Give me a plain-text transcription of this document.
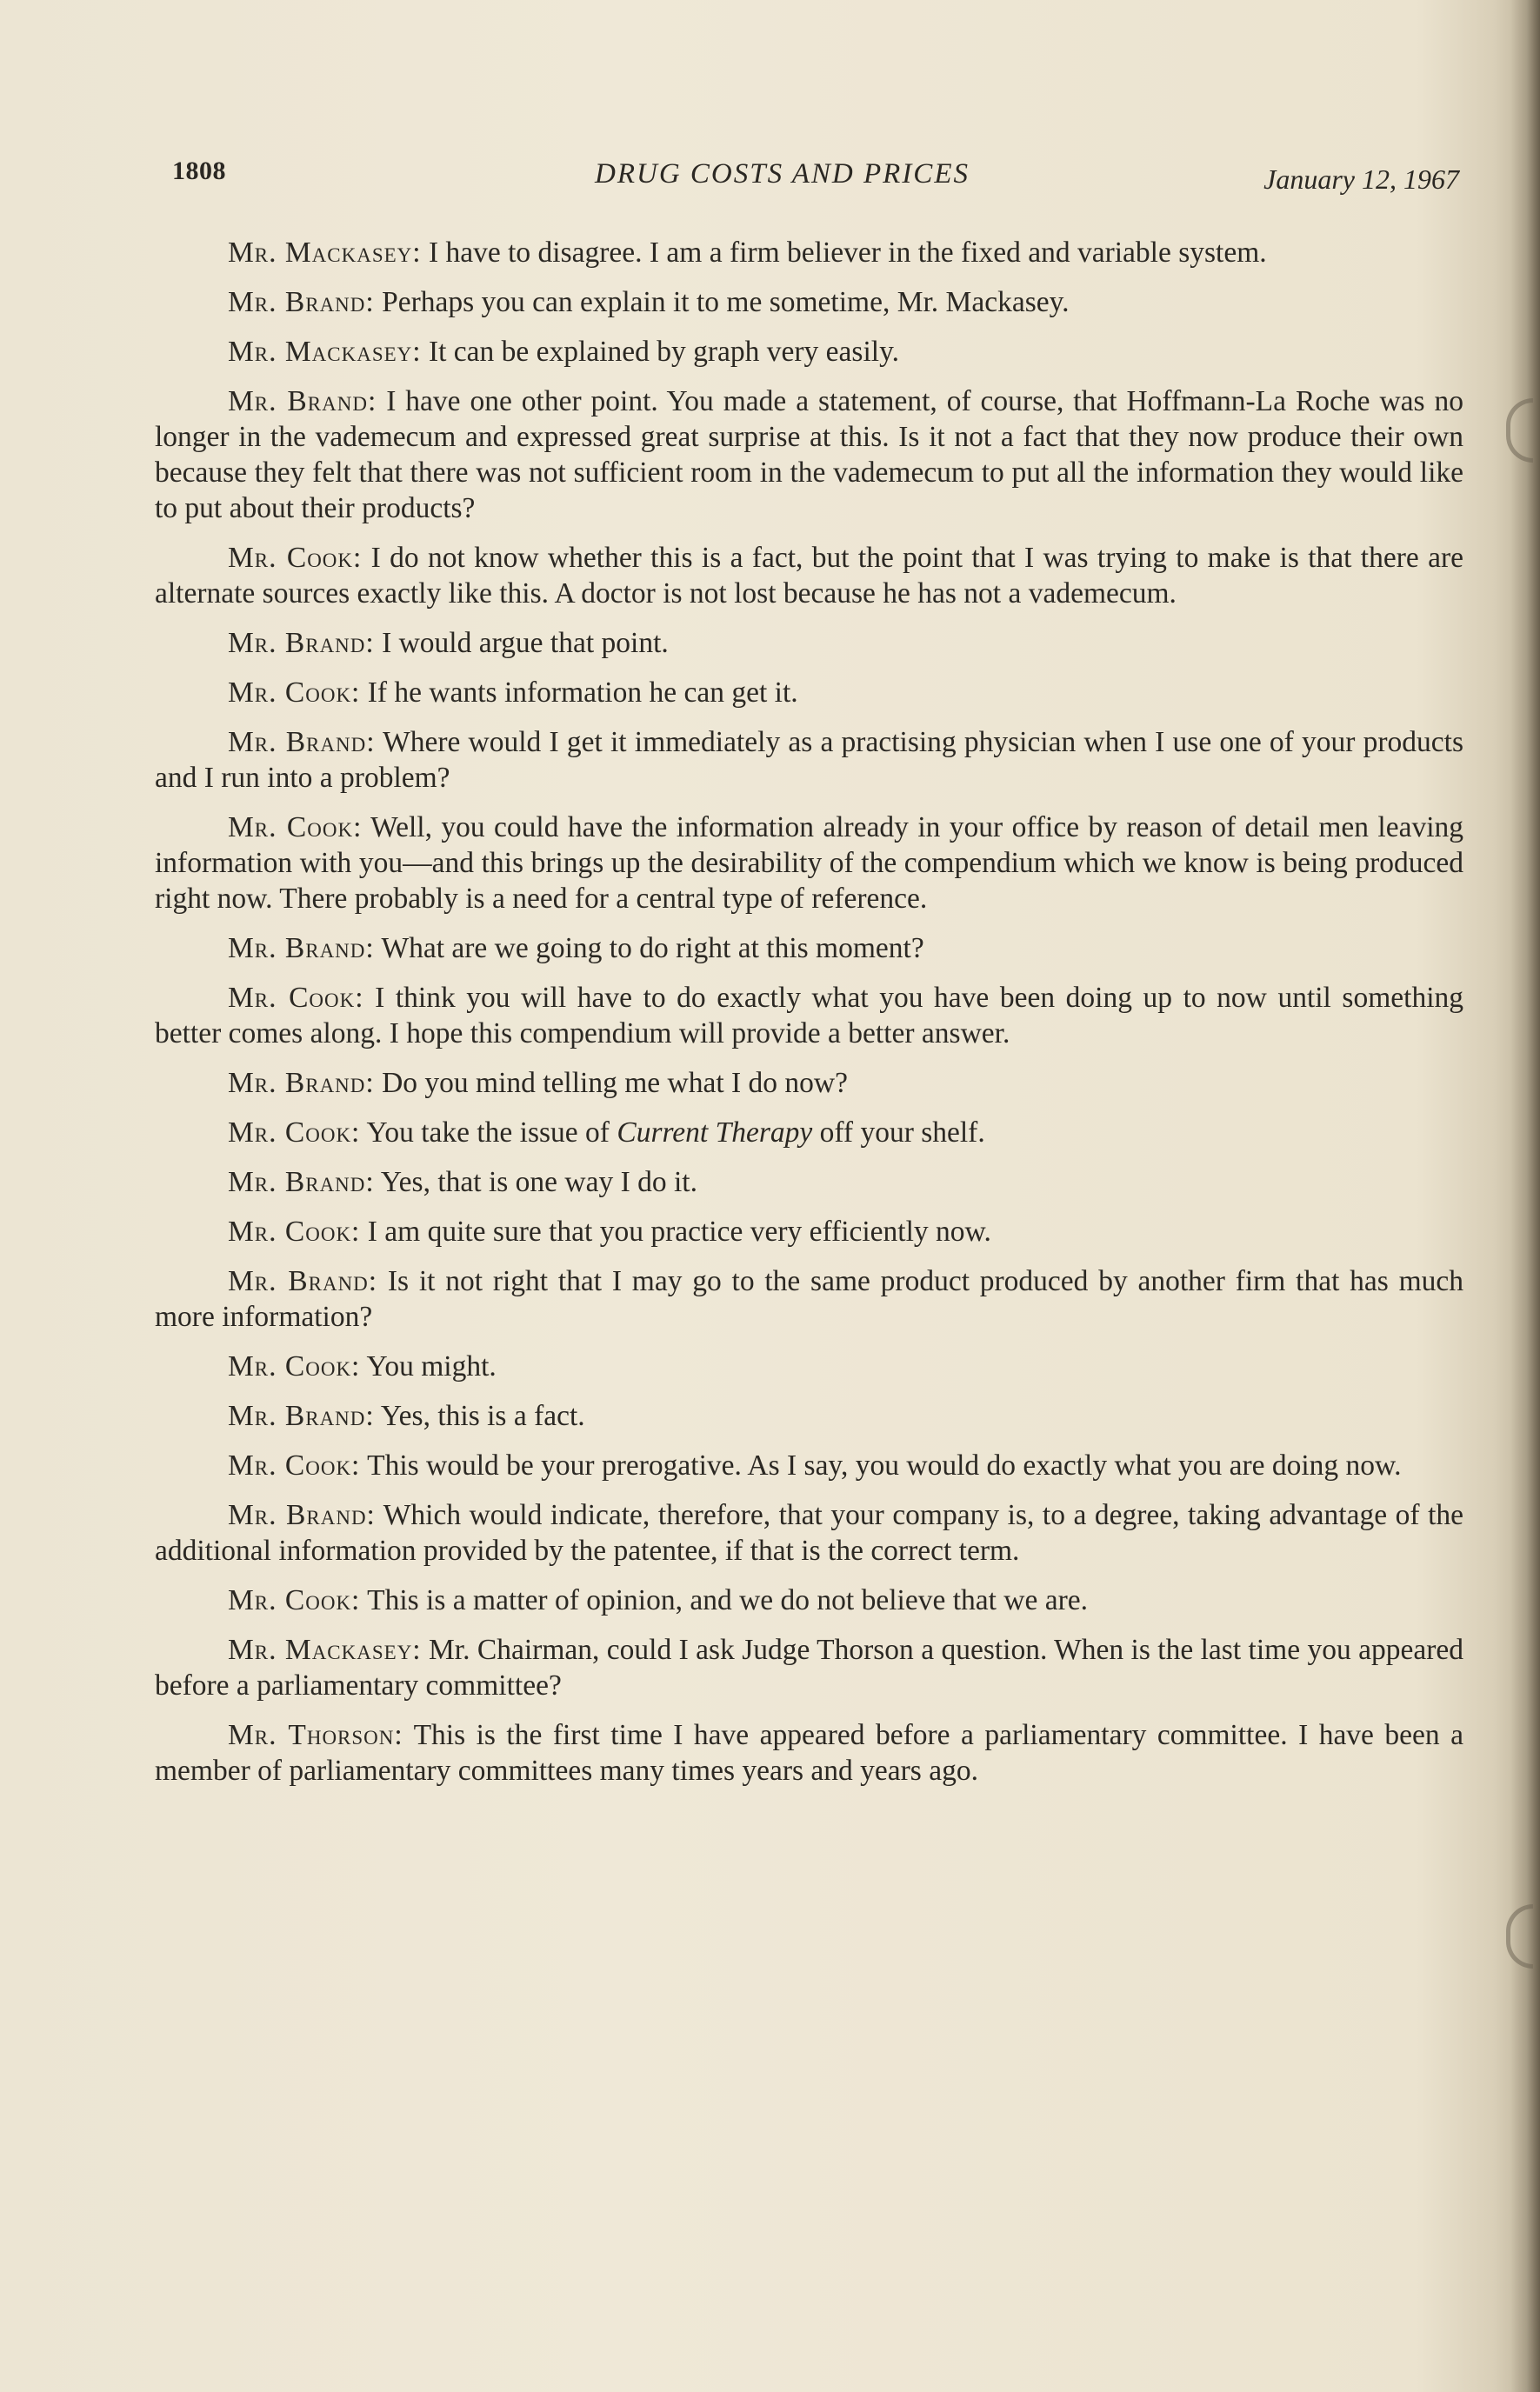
1808	DRUG COSTS AND PRICES	January 12, 1967

Mr. Mackasey: I have to disagree. I am a firm believer in the fixed and variable system.

Mr. Brand: Perhaps you can explain it to me sometime, Mr. Mackasey.

Mr. Mackasey: It can be explained by graph very easily.

Mr. Brand: I have one other point. You made a statement, of course, that Hoffmann-La Roche was no longer in the vademecum and expressed great surprise at this. Is it not a fact that they now produce their own because they felt that there was not sufficient room in the vademecum to put all the information they would like to put about their products?

Mr. Cook: I do not know whether this is a fact, but the point that I was trying to make is that there are alternate sources exactly like this. A doctor is not lost because he has not a vademecum.

Mr. Brand: I would argue that point.

Mr. Cook: If he wants information he can get it.

Mr. Brand: Where would I get it immediately as a practising physician when I use one of your products and I run into a problem?

Mr. Cook: Well, you could have the information already in your office by reason of detail men leaving information with you—and this brings up the desirability of the compendium which we know is being produced right now. There probably is a need for a central type of reference.

Mr. Brand: What are we going to do right at this moment?

Mr. Cook: I think you will have to do exactly what you have been doing up to now until something better comes along. I hope this compendium will provide a better answer.

Mr. Brand: Do you mind telling me what I do now?

Mr. Cook: You take the issue of Current Therapy off your shelf.

Mr. Brand: Yes, that is one way I do it.

Mr. Cook: I am quite sure that you practice very efficiently now.

Mr. Brand: Is it not right that I may go to the same product produced by another firm that has much more information?

Mr. Cook: You might.

Mr. Brand: Yes, this is a fact.

Mr. Cook: This would be your prerogative. As I say, you would do exactly what you are doing now.

Mr. Brand: Which would indicate, therefore, that your company is, to a degree, taking advantage of the additional information provided by the patentee, if that is the correct term.

Mr. Cook: This is a matter of opinion, and we do not believe that we are.

Mr. Mackasey: Mr. Chairman, could I ask Judge Thorson a question. When is the last time you appeared before a parliamentary committee?

Mr. Thorson: This is the first time I have appeared before a parliamentary committee. I have been a member of parliamentary committees many times years and years ago.
